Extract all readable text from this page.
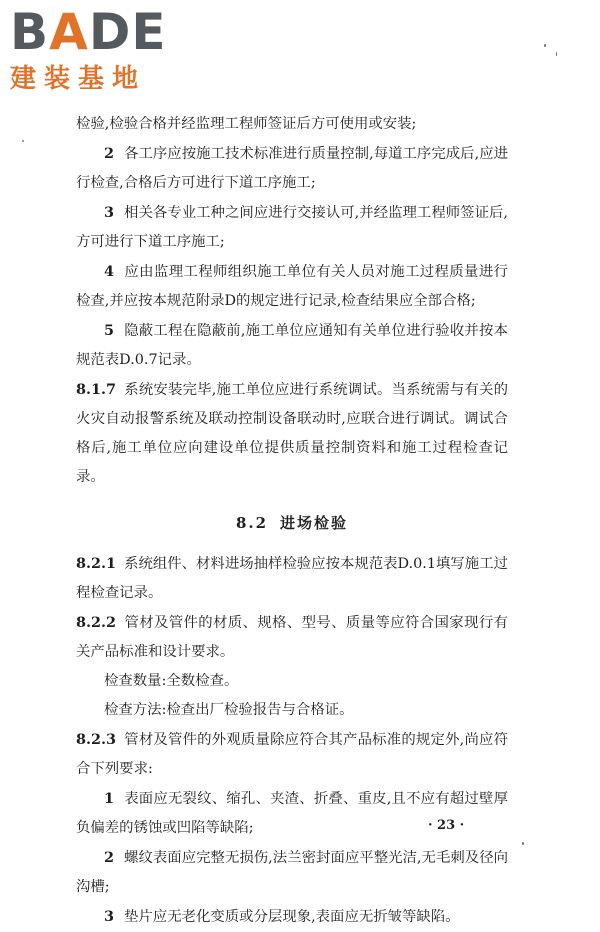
BADE
建装基地

检验,检验合格并经监理工程师签证后方可使用或安装;

2 各工序应按施工技术标准进行质量控制,每道工序完成后,应进行检查,合格后方可进行下道工序施工;

3 相关各专业工种之间应进行交接认可,并经监理工程师签证后,方可进行下道工序施工;

4 应由监理工程师组织施工单位有关人员对施工过程质量进行检查,并应按本规范附录D的规定进行记录,检查结果应全部合格;

5 隐蔽工程在隐蔽前,施工单位应通知有关单位进行验收并按本规范表D.0.7记录。

8.1.7 系统安装完毕,施工单位应进行系统调试。当系统需与有关的火灾自动报警系统及联动控制设备联动时,应联合进行调试。调试合格后,施工单位应向建设单位提供质量控制资料和施工过程检查记录。

8.2 进场检验

8.2.1 系统组件、材料进场抽样检验应按本规范表D.0.1填写施工过程检查记录。

8.2.2 管材及管件的材质、规格、型号、质量等应符合国家现行有关产品标准和设计要求。

检查数量:全数检查。

检查方法:检查出厂检验报告与合格证。

8.2.3 管材及管件的外观质量除应符合其产品标准的规定外,尚应符合下列要求:

1 表面应无裂纹、缩孔、夹渣、折叠、重皮,且不应有超过壁厚负偏差的锈蚀或凹陷等缺陷;

2 螺纹表面应完整无损伤,法兰密封面应平整光洁,无毛刺及径向沟槽;

3 垫片应无老化变质或分层现象,表面应无折皱等缺陷。

· 23 ·
